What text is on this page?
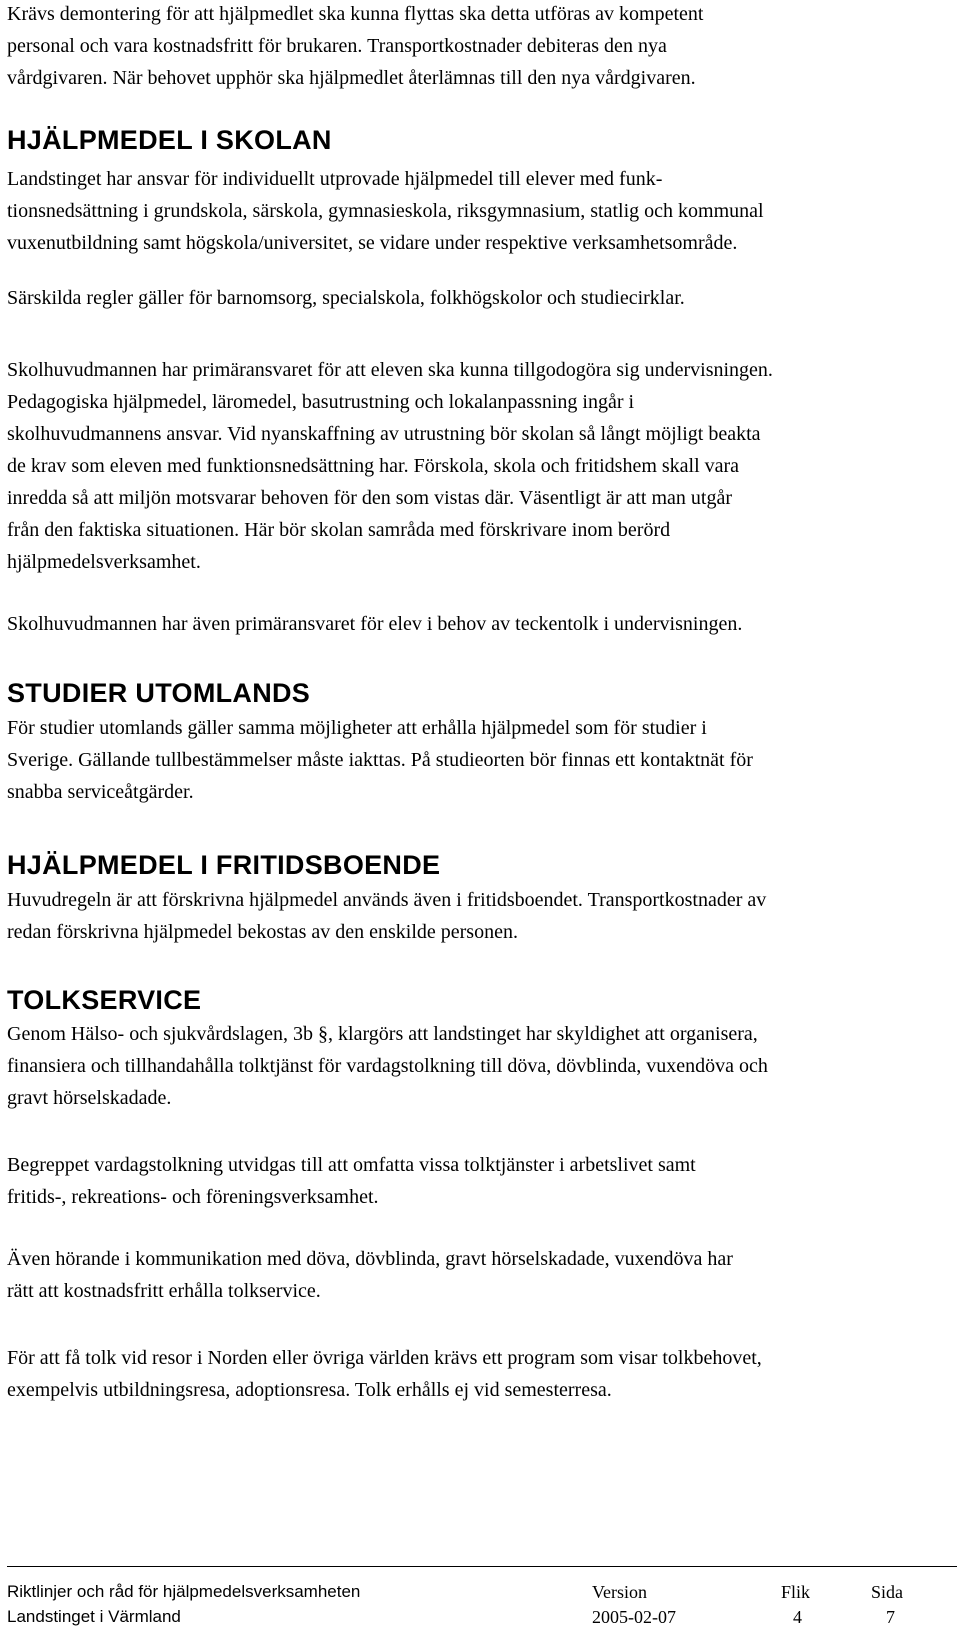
Krävs demontering för att hjälpmedlet ska kunna flyttas ska detta utföras av kompetent

personal och vara kostnadsfritt för brukaren. Transportkostnader debiteras den nya

vårdgivaren. När behovet upphör ska hjälpmedlet återlämnas till den nya vårdgivaren.

HJÄLPMEDEL I SKOLAN

Landstinget har ansvar för individuellt utprovade hjälpmedel till elever med funk-

tionsnedsättning i grundskola, särskola, gymnasieskola, riksgymnasium, statlig och kommunal

vuxenutbildning samt högskola/universitet, se vidare under respektive verksamhetsområde.

Särskilda regler gäller för barnomsorg, specialskola, folkhögskolor och studiecirklar.

Skolhuvudmannen har primäransvaret för att eleven ska kunna tillgodogöra sig undervisningen.

Pedagogiska hjälpmedel, läromedel, basutrustning och lokalanpassning ingår i

skolhuvudmannens ansvar. Vid nyanskaffning av utrustning bör skolan så långt möjligt beakta

de krav som eleven med funktionsnedsättning har. Förskola, skola och fritidshem skall vara

inredda så att miljön motsvarar behoven för den som vistas där. Väsentligt är att man utgår

från den faktiska situationen. Här bör skolan samråda med förskrivare inom berörd

hjälpmedelsverksamhet.

Skolhuvudmannen har även primäransvaret för elev i behov av teckentolk i undervisningen.

STUDIER UTOMLANDS

För studier utomlands gäller samma möjligheter att erhålla hjälpmedel som för studier i

Sverige. Gällande tullbestämmelser måste iakttas. På studieorten bör finnas ett kontaktnät för

snabba serviceåtgärder.

HJÄLPMEDEL I FRITIDSBOENDE

Huvudregeln är att förskrivna hjälpmedel används även i fritidsboendet. Transportkostnader av

redan förskrivna hjälpmedel bekostas av den enskilde personen.

TOLKSERVICE

Genom Hälso- och sjukvårdslagen, 3b §, klargörs att landstinget har skyldighet att organisera,

finansiera och tillhandahålla tolktjänst för vardagstolkning till döva, dövblinda, vuxendöva och

gravt hörselskadade.

Begreppet vardagstolkning utvidgas till att omfatta vissa tolktjänster i arbetslivet samt

fritids-, rekreations- och föreningsverksamhet.

Även hörande i kommunikation med döva, dövblinda, gravt hörselskadade, vuxendöva har

rätt att kostnadsfritt erhålla tolkservice.

För att få tolk vid resor i Norden eller övriga världen krävs ett program som visar tolkbehovet,

exempelvis utbildningsresa, adoptionsresa. Tolk erhålls ej vid semesterresa.

Riktlinjer och råd för hjälpmedelsverksamheten	Version	Flik	Sida
Landstinget i Värmland	2005-02-07	4	7
